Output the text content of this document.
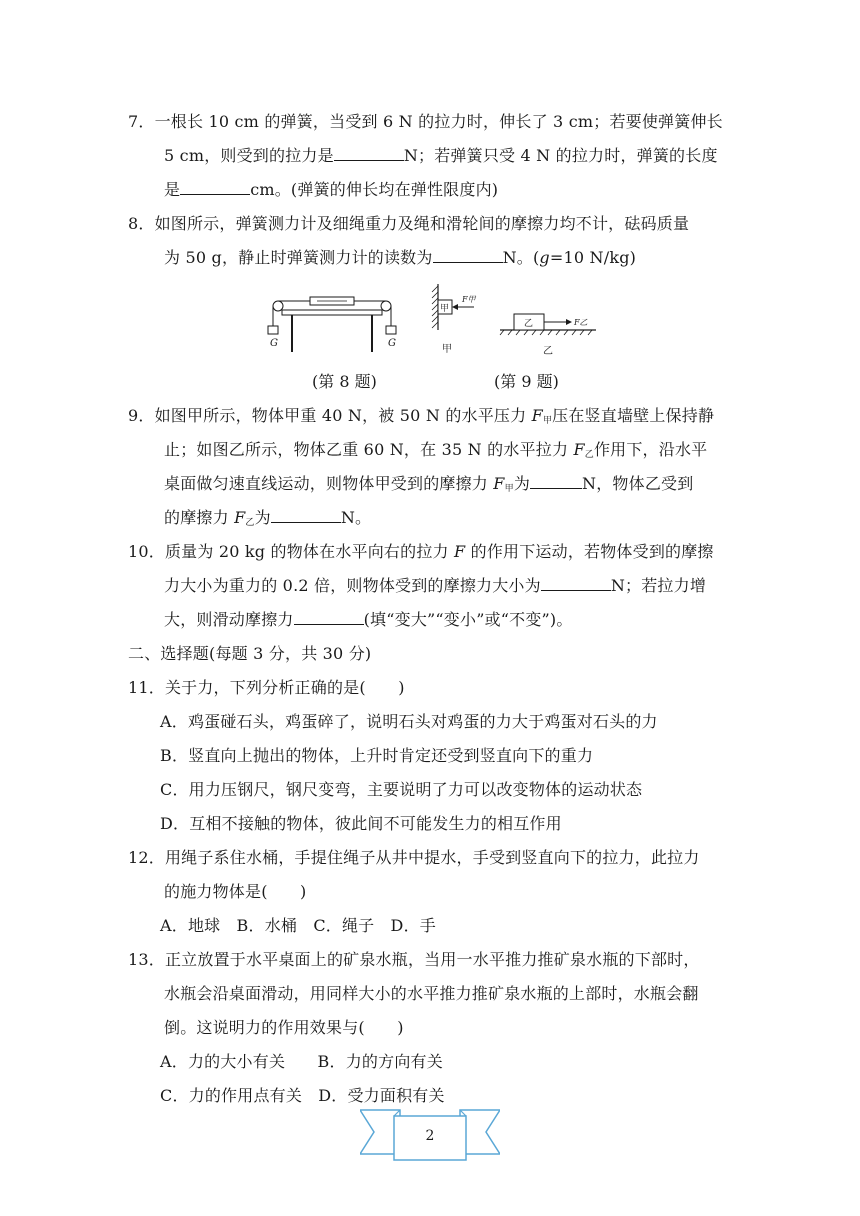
7．一根长 10 cm 的弹簧，当受到 6 N 的拉力时，伸长了 3 cm；若要使弹簧伸长
5 cm，则受到的拉力是	N；若弹簧只受 4 N 的拉力时，弹簧的长度
是	cm。(弹簧的伸长均在弹性限度内)
8．如图所示，弹簧测力计及细绳重力及绳和滑轮间的摩擦力均不计，砝码质量
为 50 g，静止时弹簧测力计的读数为	N。(g=10 N/kg)
G	G
甲
F甲
甲
乙	F乙
乙
(第 8 题)	(第 9 题)
9．如图甲所示，物体甲重 40 N，被 50 N 的水平压力 $F_甲$压在竖直墙壁上保持静
止；如图乙所示，物体乙重 60 N，在 35 N 的水平拉力 $F_乙$作用下，沿水平
桌面做匀速直线运动，则物体甲受到的摩擦力 $F_甲$为	N，物体乙受到
的摩擦力 $F_乙$为	N。
10．质量为 20 kg 的物体在水平向右的拉力 F 的作用下运动，若物体受到的摩擦
力大小为重力的 0.2 倍，则物体受到的摩擦力大小为	N；若拉力增
大，则滑动摩擦力	(填“变大”“变小”或“不变”)。
二、选择题(每题 3 分，共 30 分)
11．关于力，下列分析正确的是(　　)
A．鸡蛋碰石头，鸡蛋碎了，说明石头对鸡蛋的力大于鸡蛋对石头的力
B．竖直向上抛出的物体，上升时肯定还受到竖直向下的重力
C．用力压钢尺，钢尺变弯，主要说明了力可以改变物体的运动状态
D．互相不接触的物体，彼此间不可能发生力的相互作用
12．用绳子系住水桶，手提住绳子从井中提水，手受到竖直向下的拉力，此拉力
的施力物体是(　　)
A．地球　B．水桶　C．绳子　D．手
13．正立放置于水平桌面上的矿泉水瓶，当用一水平推力推矿泉水瓶的下部时，
水瓶会沿桌面滑动，用同样大小的水平推力推矿泉水瓶的上部时，水瓶会翻
倒。这说明力的作用效果与(　　)
A．力的大小有关　　B．力的方向有关
C．力的作用点有关　D．受力面积有关
2
